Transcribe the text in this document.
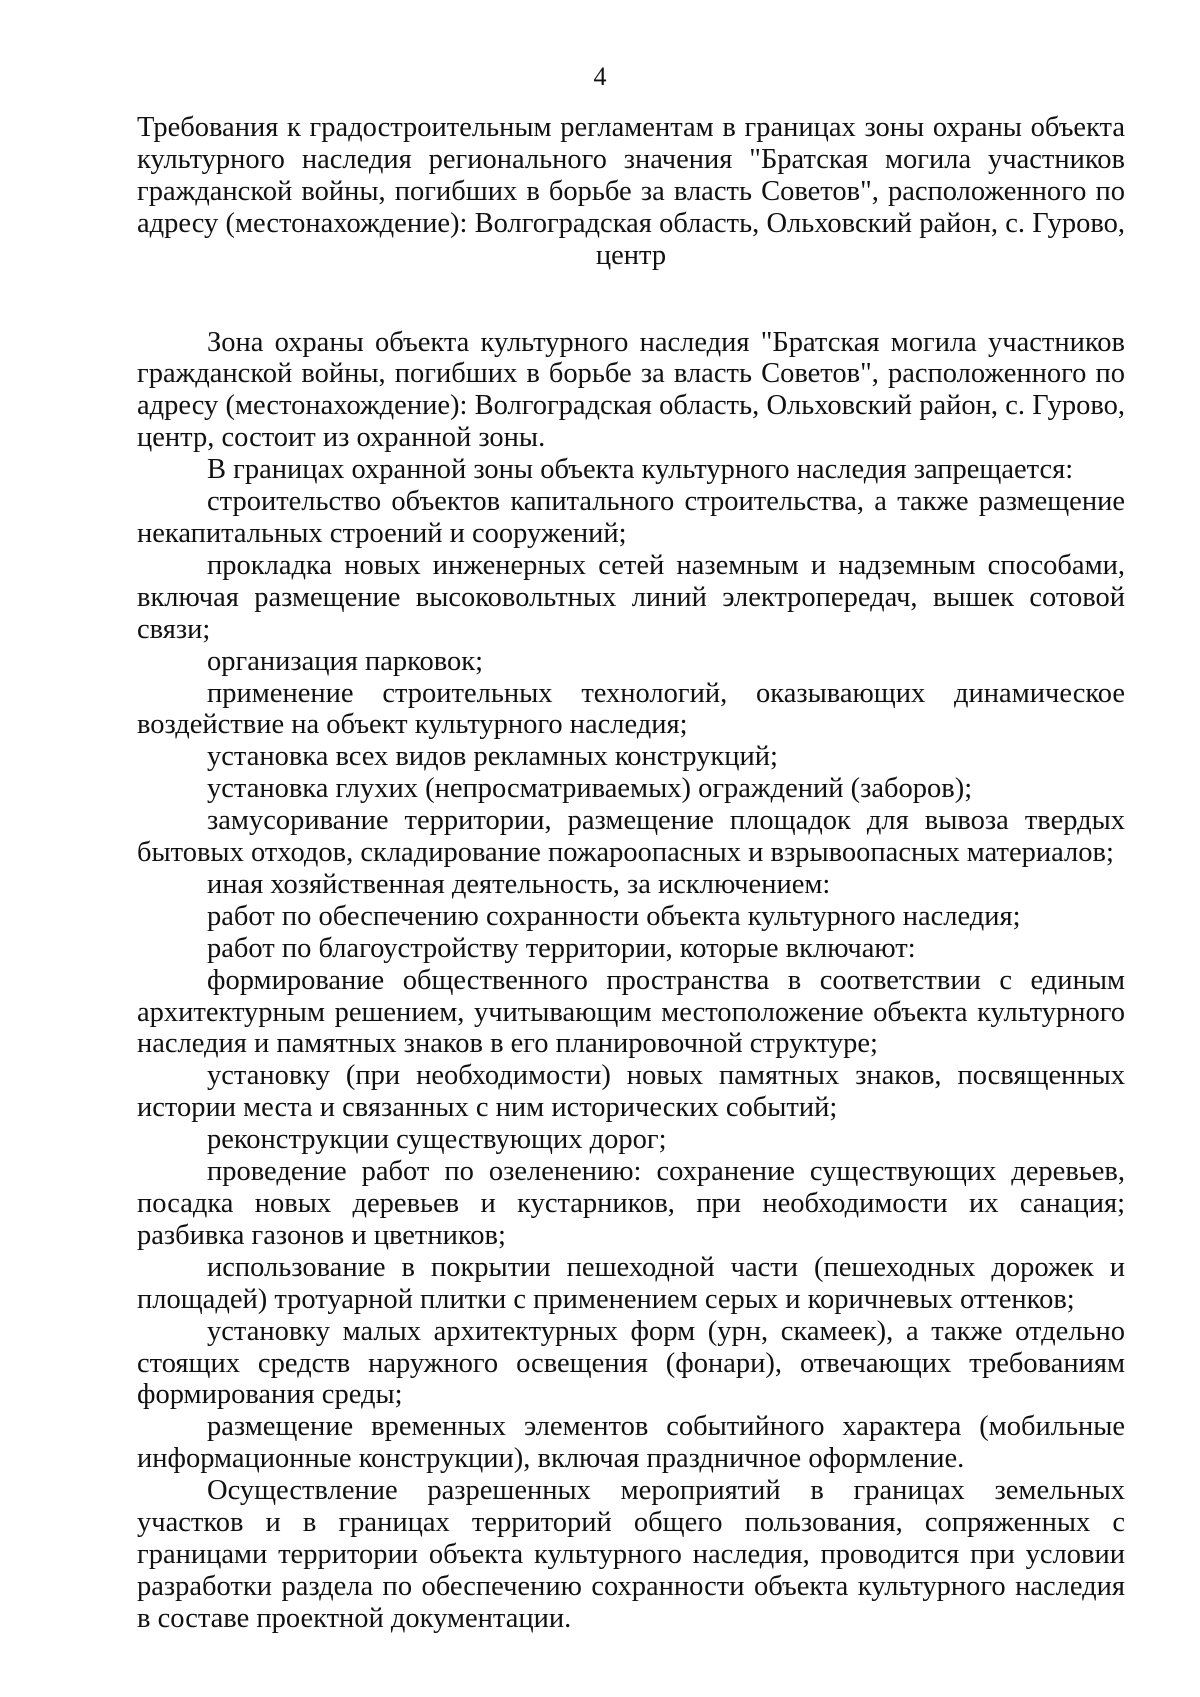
4

Требования к градостроительным регламентам в границах зоны охраны объекта культурного наследия регионального значения "Братская могила участников гражданской войны, погибших в борьбе за власть Советов", расположенного по адресу (местонахождение): Волгоградская область, Ольховский район, с. Гурово, центр

Зона охраны объекта культурного наследия "Братская могила участников гражданской войны, погибших в борьбе за власть Советов", расположенного по адресу (местонахождение): Волгоградская область, Ольховский район, с. Гурово, центр, состоит из охранной зоны.

В границах охранной зоны объекта культурного наследия запрещается:

строительство объектов капитального строительства, а также размещение некапитальных строений и сооружений;

прокладка новых инженерных сетей наземным и надземным способами, включая размещение высоковольтных линий электропередач, вышек сотовой связи;

организация парковок;

применение строительных технологий, оказывающих динамическое воздействие на объект культурного наследия;

установка всех видов рекламных конструкций;

установка глухих (непросматриваемых) ограждений (заборов);

замусоривание территории, размещение площадок для вывоза твердых бытовых отходов, складирование пожароопасных и взрывоопасных материалов;

иная хозяйственная деятельность, за исключением:

работ по обеспечению сохранности объекта культурного наследия;

работ по благоустройству территории, которые включают:

формирование общественного пространства в соответствии с единым архитектурным решением, учитывающим местоположение объекта культурного наследия и памятных знаков в его планировочной структуре;

установку (при необходимости) новых памятных знаков, посвященных истории места и связанных с ним исторических событий;

реконструкции существующих дорог;

проведение работ по озеленению: сохранение существующих деревьев, посадка новых деревьев и кустарников, при необходимости их санация; разбивка газонов и цветников;

использование в покрытии пешеходной части (пешеходных дорожек и площадей) тротуарной плитки с применением серых и коричневых оттенков;

установку малых архитектурных форм (урн, скамеек), а также отдельно стоящих средств наружного освещения (фонари), отвечающих требованиям формирования среды;

размещение временных элементов событийного характера (мобильные информационные конструкции), включая праздничное оформление.

Осуществление разрешенных мероприятий в границах земельных участков и в границах территорий общего пользования, сопряженных с границами территории объекта культурного наследия, проводится при условии разработки раздела по обеспечению сохранности объекта культурного наследия в составе проектной документации.
